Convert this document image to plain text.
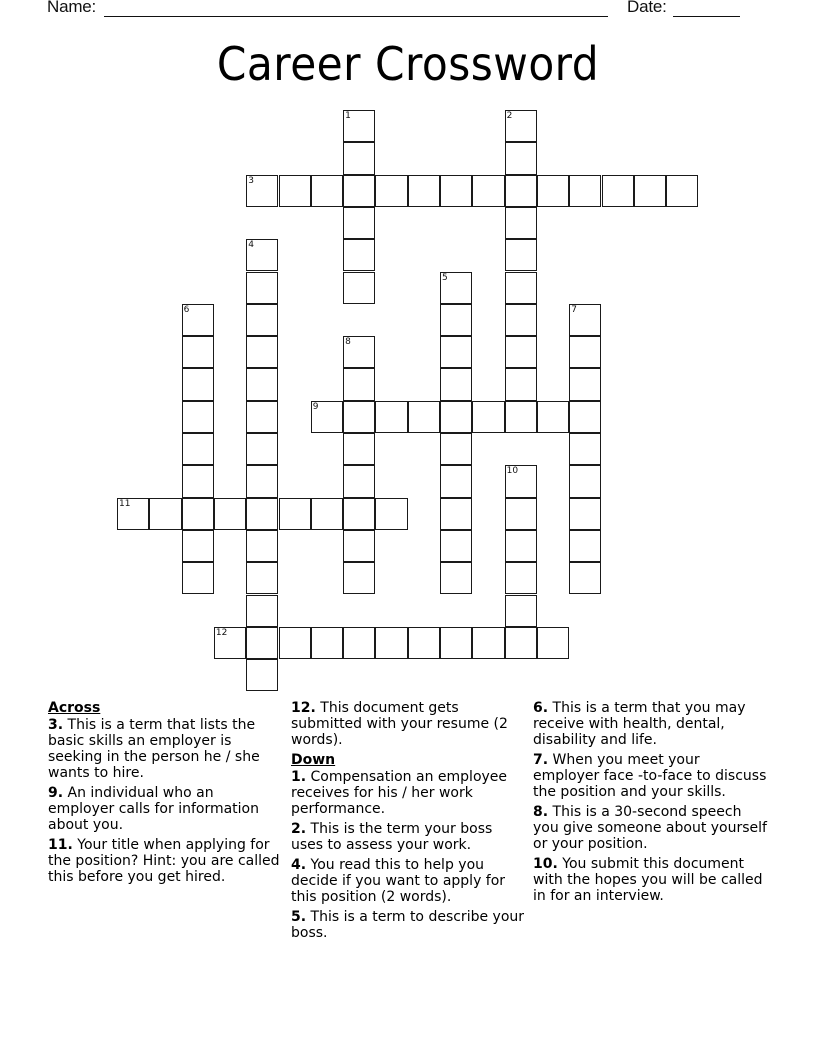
Name:	Date:
Career Crossword
1	2
3
4
5
6	7
8
9
10
11
12
Across
3. This is a term that lists the basic skills an employer is seeking in the person he / she wants to hire.
9. An individual who an employer calls for information about you.
11. Your title when applying for the position? Hint: you are called this before you get hired.
12. This document gets submitted with your resume (2 words).
Down
1. Compensation an employee receives for his / her work performance.
2. This is the term your boss uses to assess your work.
4. You read this to help you decide if you want to apply for this position (2 words).
5. This is a term to describe your boss.
6. This is a term that you may receive with health, dental, disability and life.
7. When you meet your employer face -to-face to discuss the position and your skills.
8. This is a 30-second speech you give someone about yourself or your position.
10. You submit this document with the hopes you will be called in for an interview.
